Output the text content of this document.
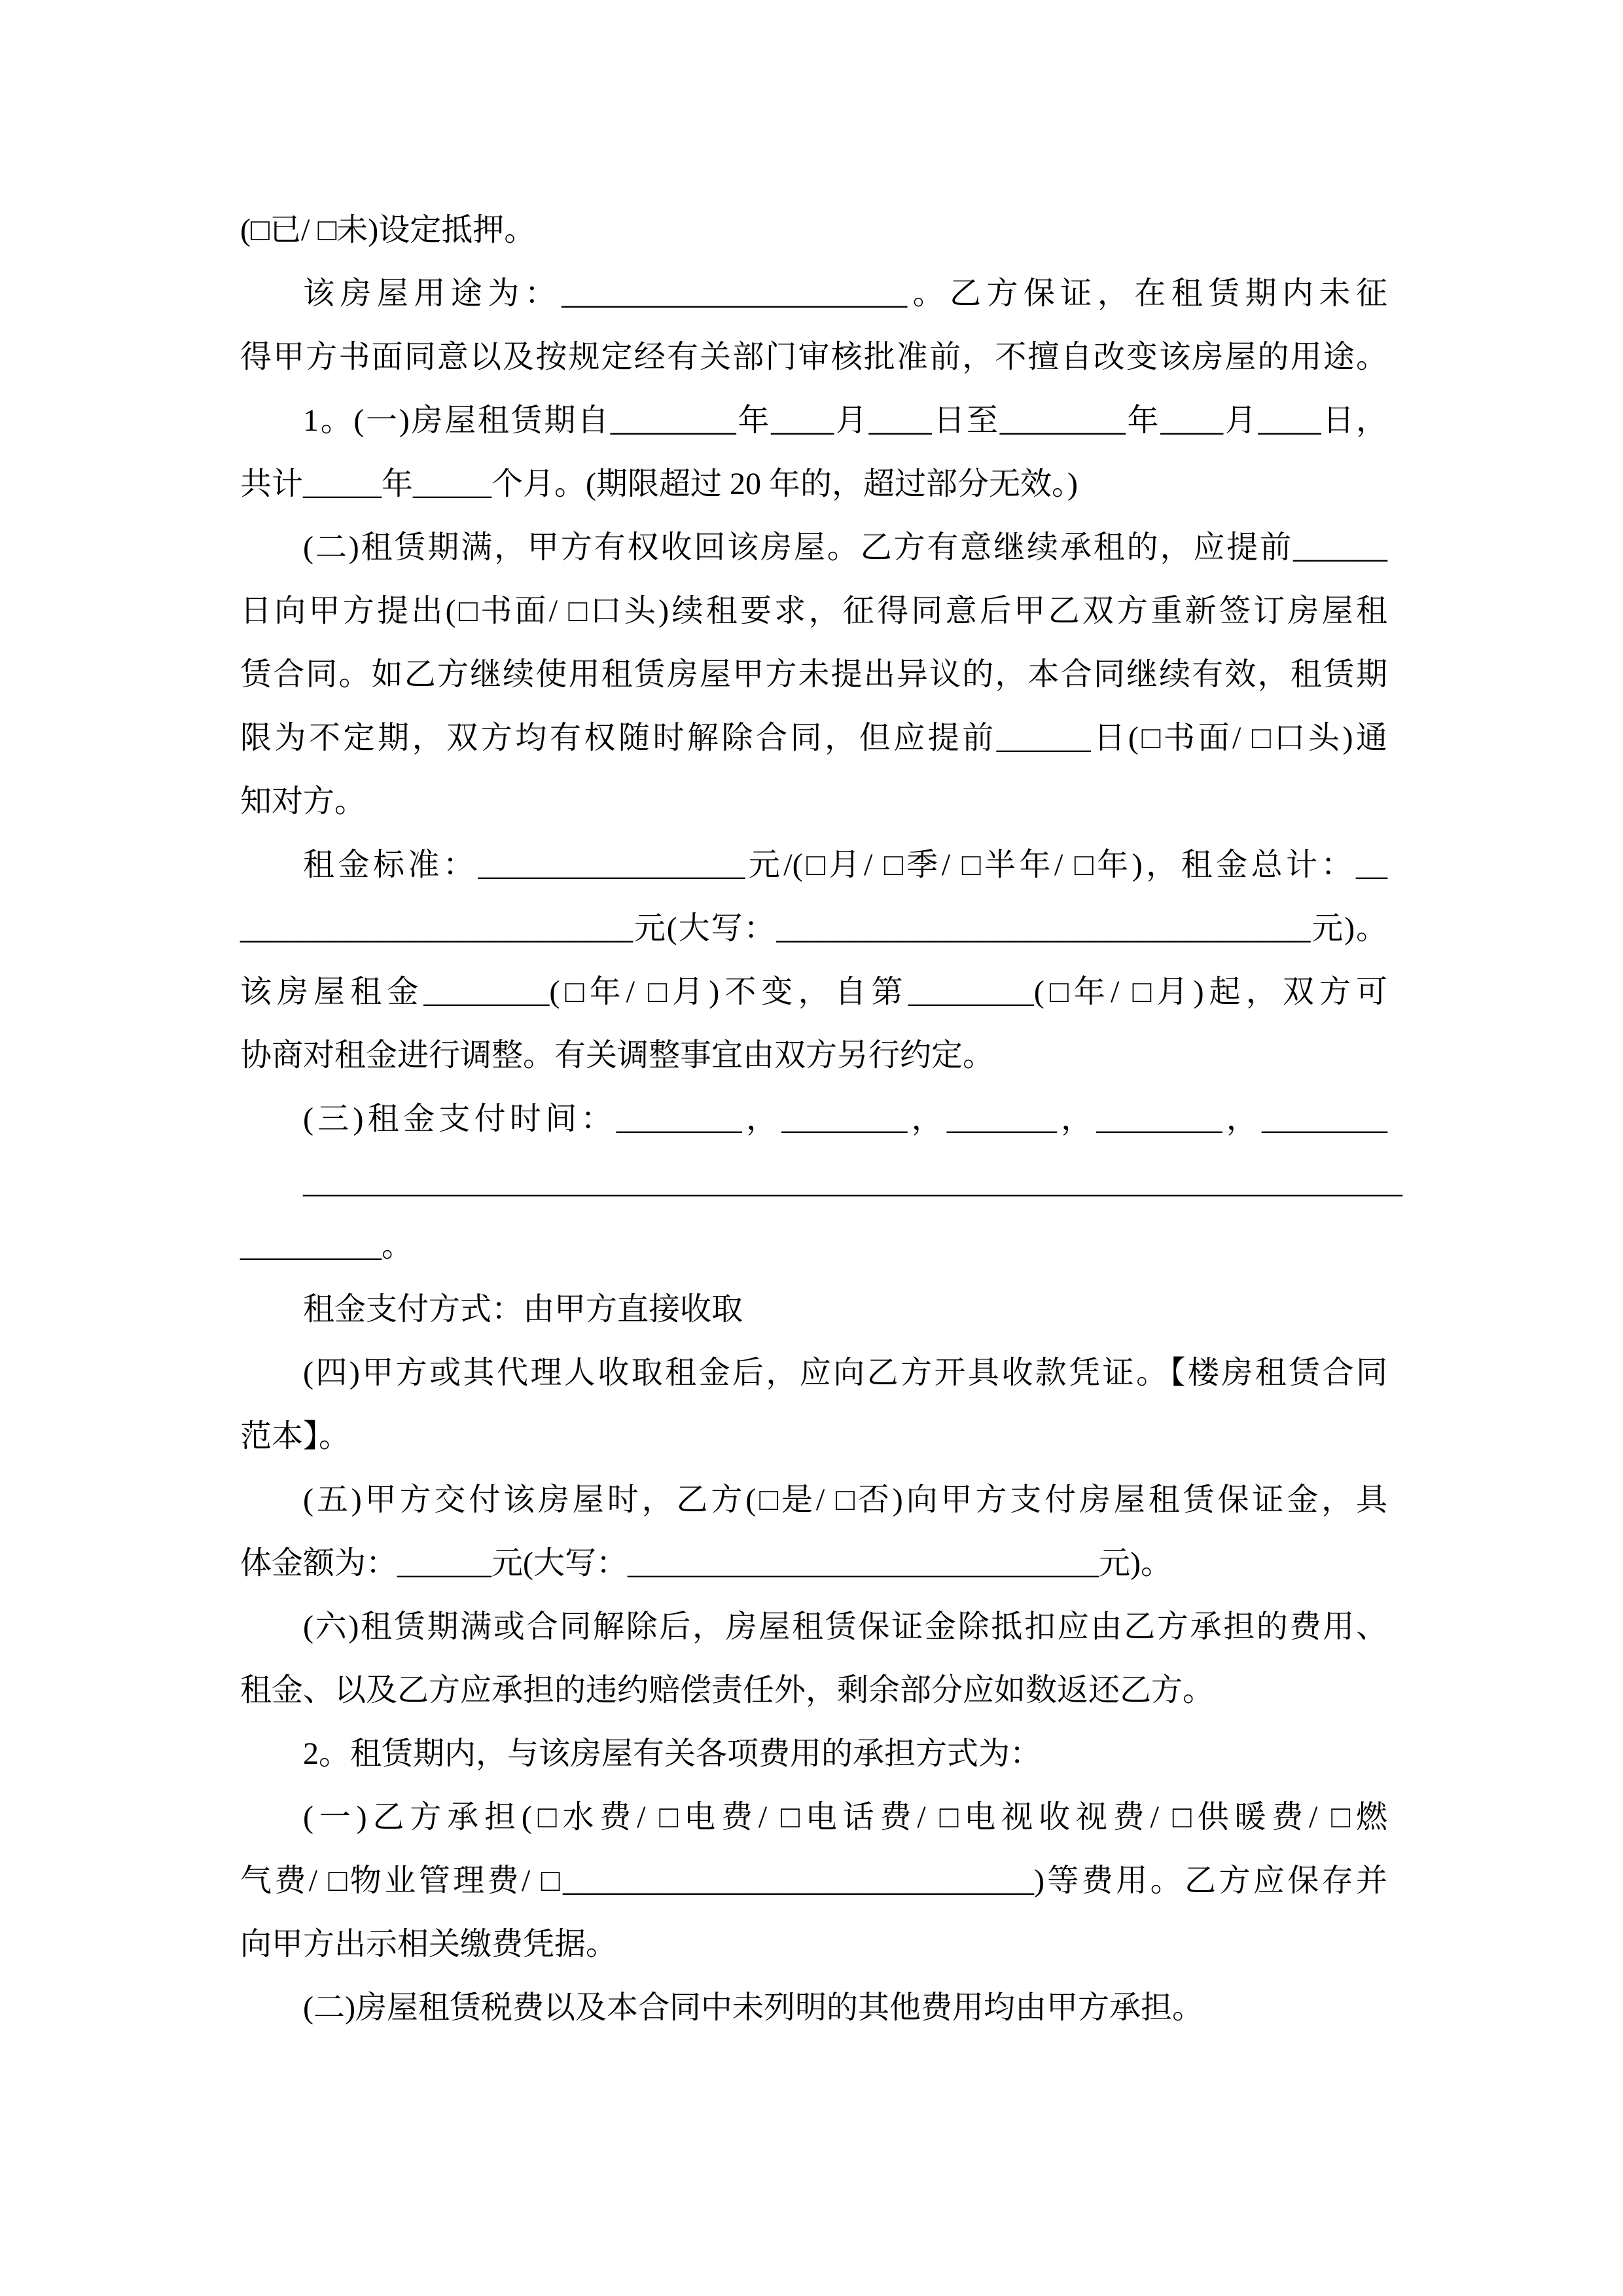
(□已/ □未)设定抵押。
该房屋用途为：______________________。乙方保证，在租赁期内未征
得甲方书面同意以及按规定经有关部门审核批准前，不擅自改变该房屋的用途。
1。(一)房屋租赁期自________年____月____日至________年____月____日，
共计_____年_____个月。(期限超过 20 年的，超过部分无效。)
(二)租赁期满，甲方有权收回该房屋。乙方有意继续承租的，应提前______
日向甲方提出(□书面/ □口头)续租要求，征得同意后甲乙双方重新签订房屋租
赁合同。如乙方继续使用租赁房屋甲方未提出异议的，本合同继续有效，租赁期
限为不定期，双方均有权随时解除合同，但应提前______日(□书面/ □口头)通
知对方。
租金标准：_________________元/(□月/ □季/ □半年/ □年)，租金总计：__
_________________________元(大写：__________________________________元)。
该房屋租金________(□年/ □月)不变，自第________(□年/ □月)起，双方可
协商对租金进行调整。有关调整事宜由双方另行约定。
(三)租金支付时间：________，________，_______，________，________
______________________________________________________________________
_________。
租金支付方式：由甲方直接收取
(四)甲方或其代理人收取租金后，应向乙方开具收款凭证。【楼房租赁合同
范本】。
(五)甲方交付该房屋时，乙方(□是/ □否)向甲方支付房屋租赁保证金，具
体金额为：______元(大写：______________________________元)。
(六)租赁期满或合同解除后，房屋租赁保证金除抵扣应由乙方承担的费用、
租金、以及乙方应承担的违约赔偿责任外，剩余部分应如数返还乙方。
2。租赁期内，与该房屋有关各项费用的承担方式为：
(一)乙方承担(□水费/ □电费/ □电话费/ □电视收视费/ □供暖费/ □燃
气费/ □物业管理费/ □______________________________)等费用。乙方应保存并
向甲方出示相关缴费凭据。
(二)房屋租赁税费以及本合同中未列明的其他费用均由甲方承担。
